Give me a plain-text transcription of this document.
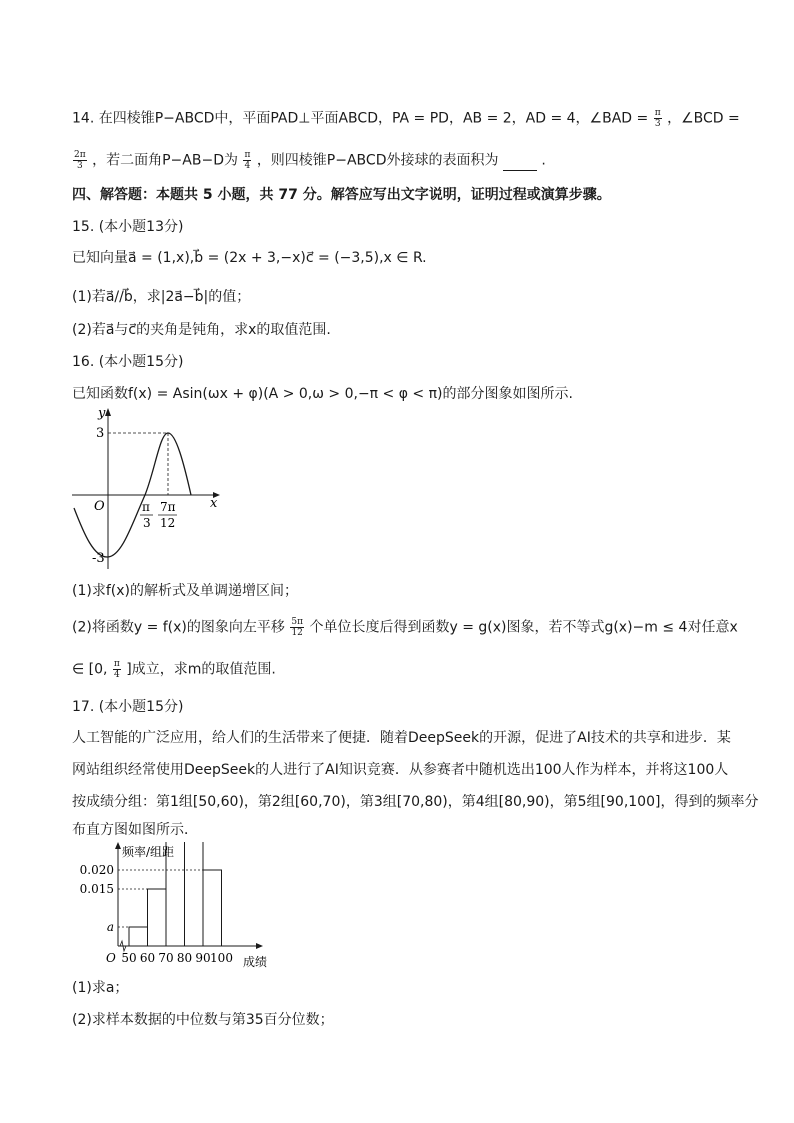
14. 在四棱锥P−ABCD中，平面PAD⊥平面ABCD，PA = PD，AB = 2，AD = 4，∠BAD = $\frac{\pi}{3}$ ，∠BCD =
$\frac{2\pi}{3}$ ，若二面角P−AB−D为 $\frac{\pi}{4}$ ，则四棱锥P−ABCD外接球的表面积为	.
四、解答题：本题共 5 小题，共 77 分。解答应写出文字说明，证明过程或演算步骤。
15. (本小题13分)
已知向量a⃗ = (1,x),b⃗ = (2x + 3,−x)c⃗ = (−3,5),x ∈ R.
(1)若a⃗//b⃗，求|2a⃗−b⃗|的值；
(2)若a⃗与c⃗的夹角是钝角，求x的取值范围.
16. (本小题15分)
已知函数f(x) = Asin(ωx + φ)(A > 0,ω > 0,−π < φ < π)的部分图象如图所示.
y
x
O
3
-3
π
3
7π
12
(1)求f(x)的解析式及单调递增区间；
(2)将函数y = f(x)的图象向左平移 $\frac{5\pi}{12}$ 个单位长度后得到函数y = g(x)图象，若不等式g(x)−m ≤ 4对任意x
∈ [0, $\frac{\pi}{4}$ ]成立，求m的取值范围.
17. (本小题15分)
人工智能的广泛应用，给人们的生活带来了便捷．随着DeepSeek的开源，促进了AI技术的共享和进步．某
网站组织经常使用DeepSeek的人进行了AI知识竞赛．从参赛者中随机选出100人作为样本，并将这100人
按成绩分组：第1组[50,60)，第2组[60,70)，第3组[70,80)，第4组[80,90)，第5组[90,100]，得到的频率分
布直方图如图所示．
0.020
0.015
a
50 60 70 80 90 100
O
频率/组距
成绩
(1)求a；
(2)求样本数据的中位数与第35百分位数；
